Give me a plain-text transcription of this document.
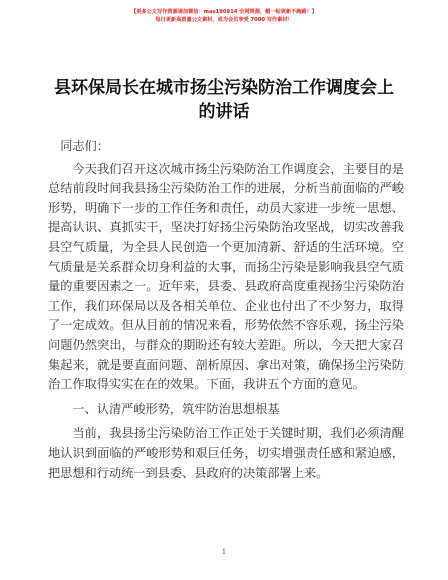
【更多公文写作资源请加微信：mas180914 全网资源，帽一帖更新不跑路！】
每日更新高质量公文素材，成为会员享受 7000 写作素材！
县环保局长在城市扬尘污染防治工作调度会上的讲话

同志们：

今天我们召开这次城市扬尘污染防治工作调度会，主要目的是总结前段时间我县扬尘污染防治工作的进展，分析当前面临的严峻形势，明确下一步的工作任务和责任，动员大家进一步统一思想、提高认识、真抓实干，坚决打好扬尘污染防治攻坚战，切实改善我县空气质量，为全县人民创造一个更加清新、舒适的生活环境。空气质量是关系群众切身利益的大事，而扬尘污染是影响我县空气质量的重要因素之一。近年来，县委、县政府高度重视扬尘污染防治工作，我们环保局以及各相关单位、企业也付出了不少努力，取得了一定成效。但从目前的情况来看，形势依然不容乐观，扬尘污染问题仍然突出，与群众的期盼还有较大差距。所以，今天把大家召集起来，就是要直面问题、剖析原因、拿出对策，确保扬尘污染防治工作取得实实在在的效果。下面，我讲五个方面的意见。

一、认清严峻形势，筑牢防治思想根基

当前，我县扬尘污染防治工作正处于关键时期，我们必须清醒地认识到面临的严峻形势和艰巨任务，切实增强责任感和紧迫感，把思想和行动统一到县委、县政府的决策部署上来。

1
